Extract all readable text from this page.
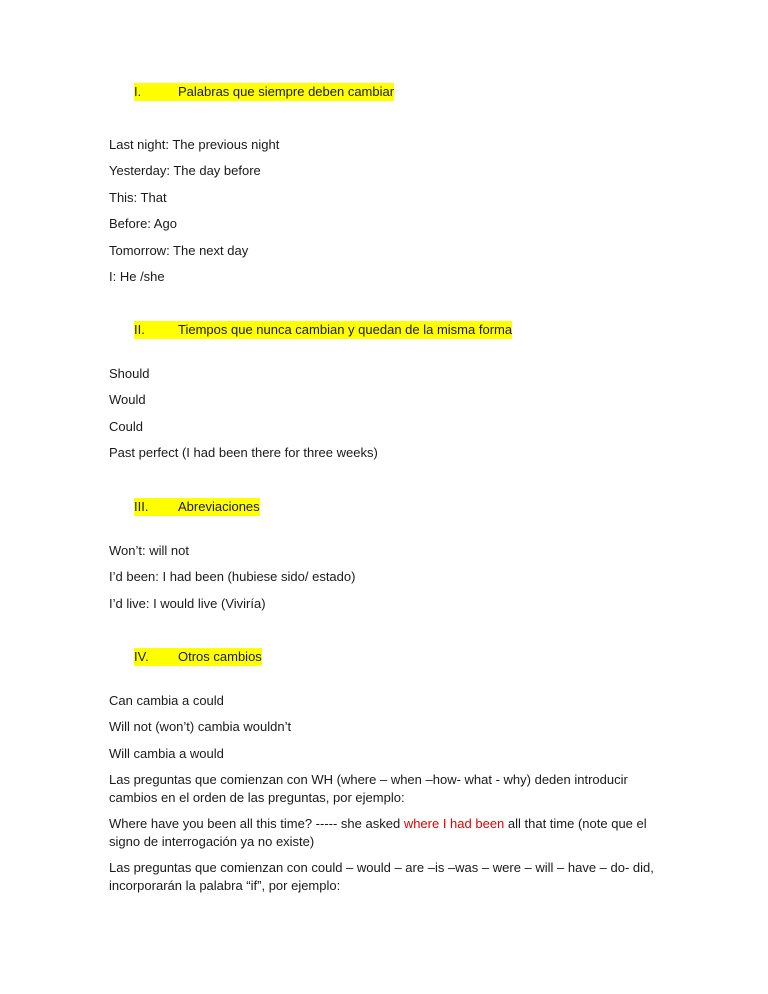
I.	Palabras que siempre deben cambiar
Last night: The previous night
Yesterday: The day before
This: That
Before: Ago
Tomorrow: The next day
I: He /she
II.	Tiempos que nunca cambian y quedan de la misma forma
Should
Would
Could
Past perfect (I had been there for three weeks)
III. Abreviaciones
Won’t: will not
I’d been: I had been (hubiese sido/ estado)
I’d live: I would live (Viviría)
IV. Otros cambios
Can cambia a could
Will not (won’t) cambia wouldn’t
Will cambia a would
Las preguntas que comienzan con WH (where – when –how- what - why) deden introducir cambios en el orden de las preguntas, por ejemplo:
Where have you been all this time? ----- she asked where I had been all that time (note que el signo de interrogación ya no existe)
Las preguntas que comienzan con could – would – are –is –was – were – will – have – do- did, incorporarán la palabra “if”, por ejemplo:
